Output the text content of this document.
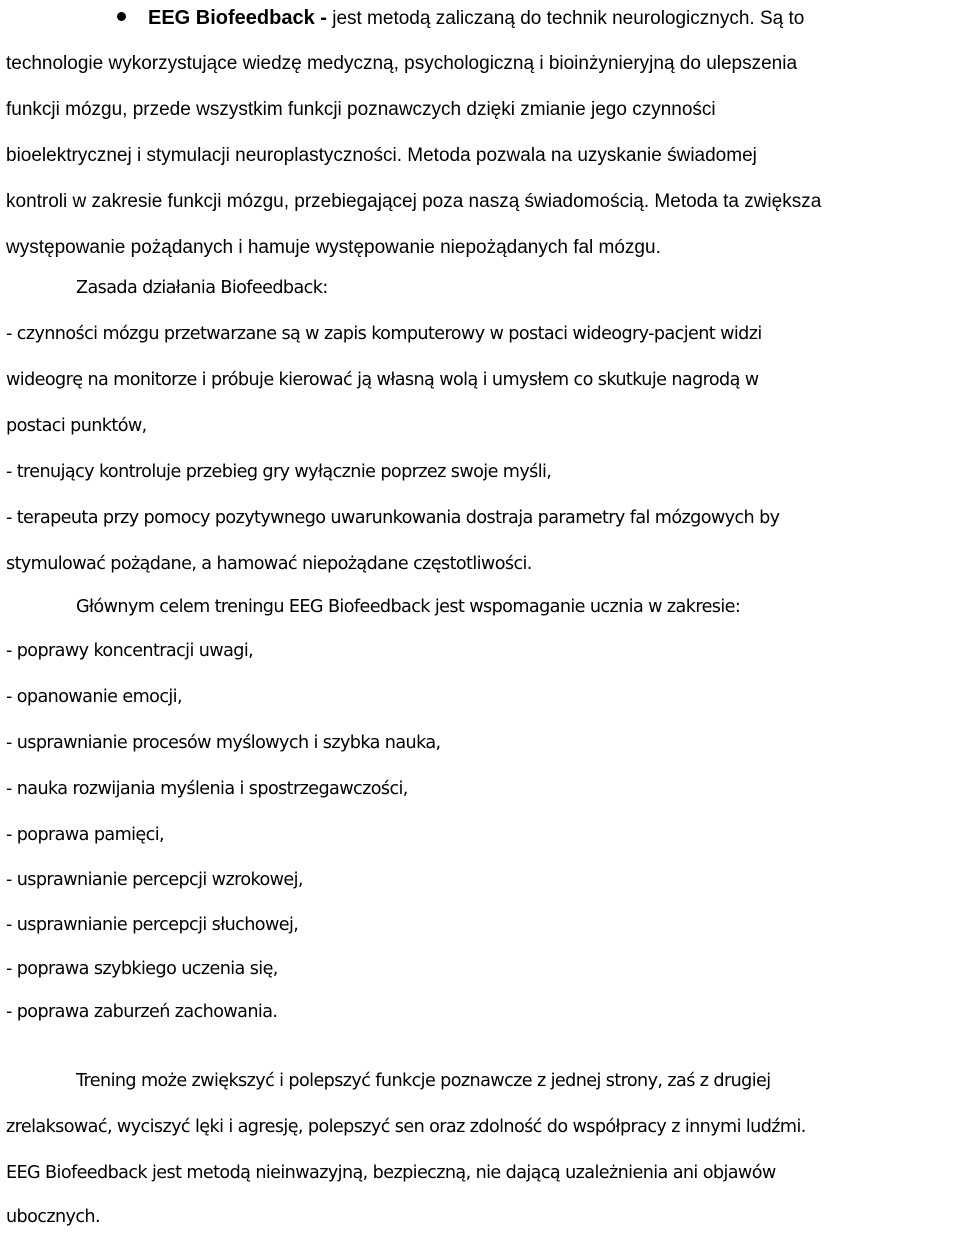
EEG Biofeedback - jest metodą zaliczaną do technik neurologicznych. Są to
technologie wykorzystujące wiedzę medyczną, psychologiczną i bioinżynieryjną do ulepszenia
funkcji mózgu, przede wszystkim funkcji poznawczych dzięki zmianie jego czynności
bioelektrycznej i stymulacji neuroplastyczności. Metoda pozwala na uzyskanie świadomej
kontroli w zakresie funkcji mózgu, przebiegającej poza naszą świadomością. Metoda ta zwiększa
występowanie pożądanych i hamuje występowanie niepożądanych fal mózgu.
Zasada działania Biofeedback:
- czynności mózgu przetwarzane są w zapis komputerowy w postaci wideogry-pacjent widzi
wideogrę na monitorze i próbuje kierować ją własną wolą i umysłem co skutkuje nagrodą w
postaci punktów,
- trenujący kontroluje przebieg gry wyłącznie poprzez swoje myśli,
- terapeuta przy pomocy pozytywnego uwarunkowania dostraja parametry fal mózgowych by
stymulować pożądane, a hamować niepożądane częstotliwości.
Głównym celem treningu EEG Biofeedback jest wspomaganie ucznia w zakresie:
- poprawy koncentracji uwagi,
- opanowanie emocji,
- usprawnianie procesów myślowych i szybka nauka,
- nauka rozwijania myślenia i spostrzegawczości,
- poprawa pamięci,
- usprawnianie percepcji wzrokowej,
- usprawnianie percepcji słuchowej,
- poprawa szybkiego uczenia się,
- poprawa zaburzeń zachowania.
Trening może zwiększyć i polepszyć funkcje poznawcze z jednej strony, zaś z drugiej
zrelaksować, wyciszyć lęki i agresję, polepszyć sen oraz zdolność do współpracy z innymi ludźmi.
EEG Biofeedback jest metodą nieinwazyjną, bezpieczną, nie dającą uzależnienia ani objawów
ubocznych.
